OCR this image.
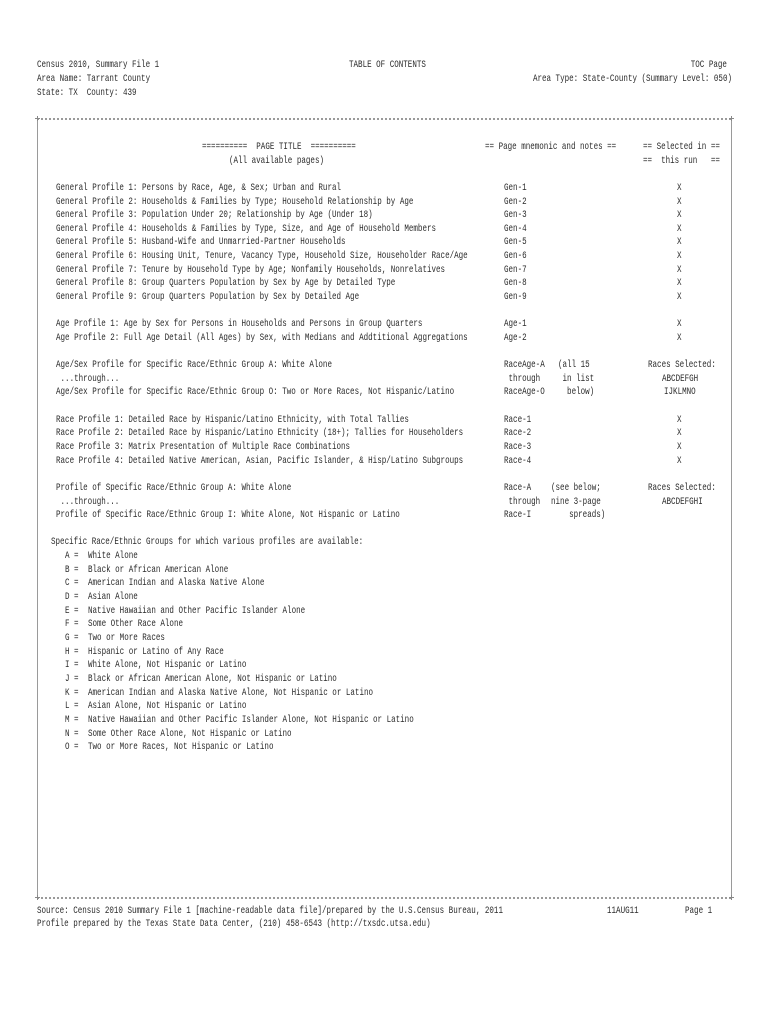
Census 2010, Summary File 1
Area Name: Tarrant County
State: TX  County: 439
TABLE OF CONTENTS	TOC Page
Area Type: State-County (Summary Level: 050)
==========  PAGE TITLE  ==========
(All available pages)
== Page mnemonic and notes ==	== Selected in ==
==  this run   ==
General Profile 1: Persons by Race, Age, & Sex; Urban and Rural	Gen-1	X
General Profile 2: Households & Families by Type; Household Relationship by Age	Gen-2	X
General Profile 3: Population Under 20; Relationship by Age (Under 18)	Gen-3	X
General Profile 4: Households & Families by Type, Size, and Age of Household Members	Gen-4	X
General Profile 5: Husband-Wife and Unmarried-Partner Households	Gen-5	X
General Profile 6: Housing Unit, Tenure, Vacancy Type, Household Size, Householder Race/Age	Gen-6	X
General Profile 7: Tenure by Household Type by Age; Nonfamily Households, Nonrelatives	Gen-7	X
General Profile 8: Group Quarters Population by Sex by Age by Detailed Type	Gen-8	X
General Profile 9: Group Quarters Population by Sex by Detailed Age	Gen-9	X
Age Profile 1: Age by Sex for Persons in Households and Persons in Group Quarters	Age-1	X
Age Profile 2: Full Age Detail (All Ages) by Sex, with Medians and Addtitional Aggregations	Age-2	X
Age/Sex Profile for Specific Race/Ethnic Group A: White Alone	RaceAge-A (all 15	Races Selected:
...through...	through in list	ABCDEFGH
Age/Sex Profile for Specific Race/Ethnic Group O: Two or More Races, Not Hispanic/Latino	RaceAge-O below)	IJKLMNO
Race Profile 1: Detailed Race by Hispanic/Latino Ethnicity, with Total Tallies	Race-1	X
Race Profile 2: Detailed Race by Hispanic/Latino Ethnicity (18+); Tallies for Householders	Race-2	X
Race Profile 3: Matrix Presentation of Multiple Race Combinations	Race-3	X
Race Profile 4: Detailed Native American, Asian, Pacific Islander, & Hisp/Latino Subgroups	Race-4	X
Profile of Specific Race/Ethnic Group A: White Alone	Race-A (see below;	Races Selected:
...through...	through nine 3-page	ABCDEFGHI
Profile of Specific Race/Ethnic Group I: White Alone, Not Hispanic or Latino	Race-I spreads)
Specific Race/Ethnic Groups for which various profiles are available:
A = White Alone
B = Black or African American Alone
C = American Indian and Alaska Native Alone
D = Asian Alone
E = Native Hawaiian and Other Pacific Islander Alone
F = Some Other Race Alone
G = Two or More Races
H = Hispanic or Latino of Any Race
I = White Alone, Not Hispanic or Latino
J = Black or African American Alone, Not Hispanic or Latino
K = American Indian and Alaska Native Alone, Not Hispanic or Latino
L = Asian Alone, Not Hispanic or Latino
M = Native Hawaiian and Other Pacific Islander Alone, Not Hispanic or Latino
N = Some Other Race Alone, Not Hispanic or Latino
O = Two or More Races, Not Hispanic or Latino
Source: Census 2010 Summary File 1 [machine-readable data file]/prepared by the U.S.Census Bureau, 2011	11AUG11	Page 1
Profile prepared by the Texas State Data Center, (210) 458-6543 (http://txsdc.utsa.edu)
